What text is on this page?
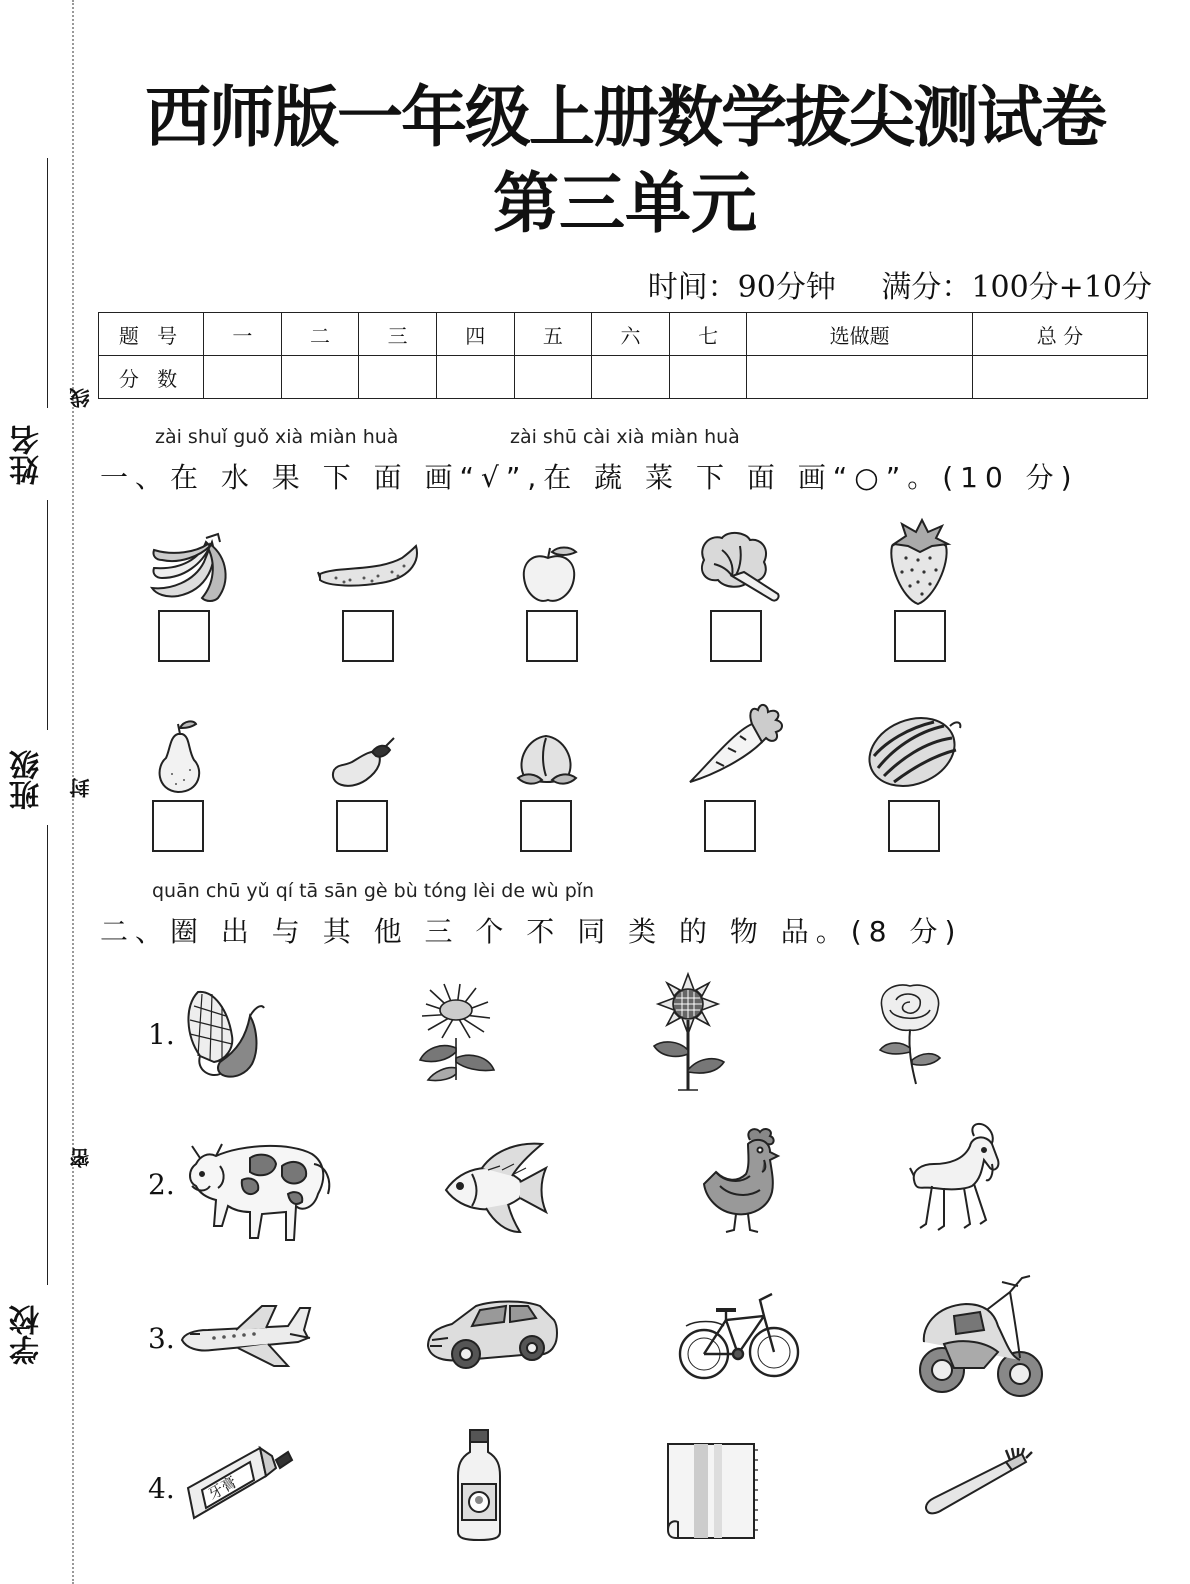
姓名
班级
学校
线
封
密
西师版一年级上册数学拔尖测试卷
第三单元
时间：90分钟 满分：100分+10分
题 号	一	二	三	四	五	六	七	选做题	总 分
分 数									
zài shuǐ guǒ xià miàn huà	zài shū cài xià miàn huà
一、在 水 果 下 面 画“√”,在 蔬 菜 下 面 画“○”。(10 分)
quān chū yǔ qí tā sān gè bù tóng lèi de wù pǐn
二、圈 出 与 其 他 三 个 不 同 类 的 物 品。(8 分)
1.
2.
3.
4. 牙膏
